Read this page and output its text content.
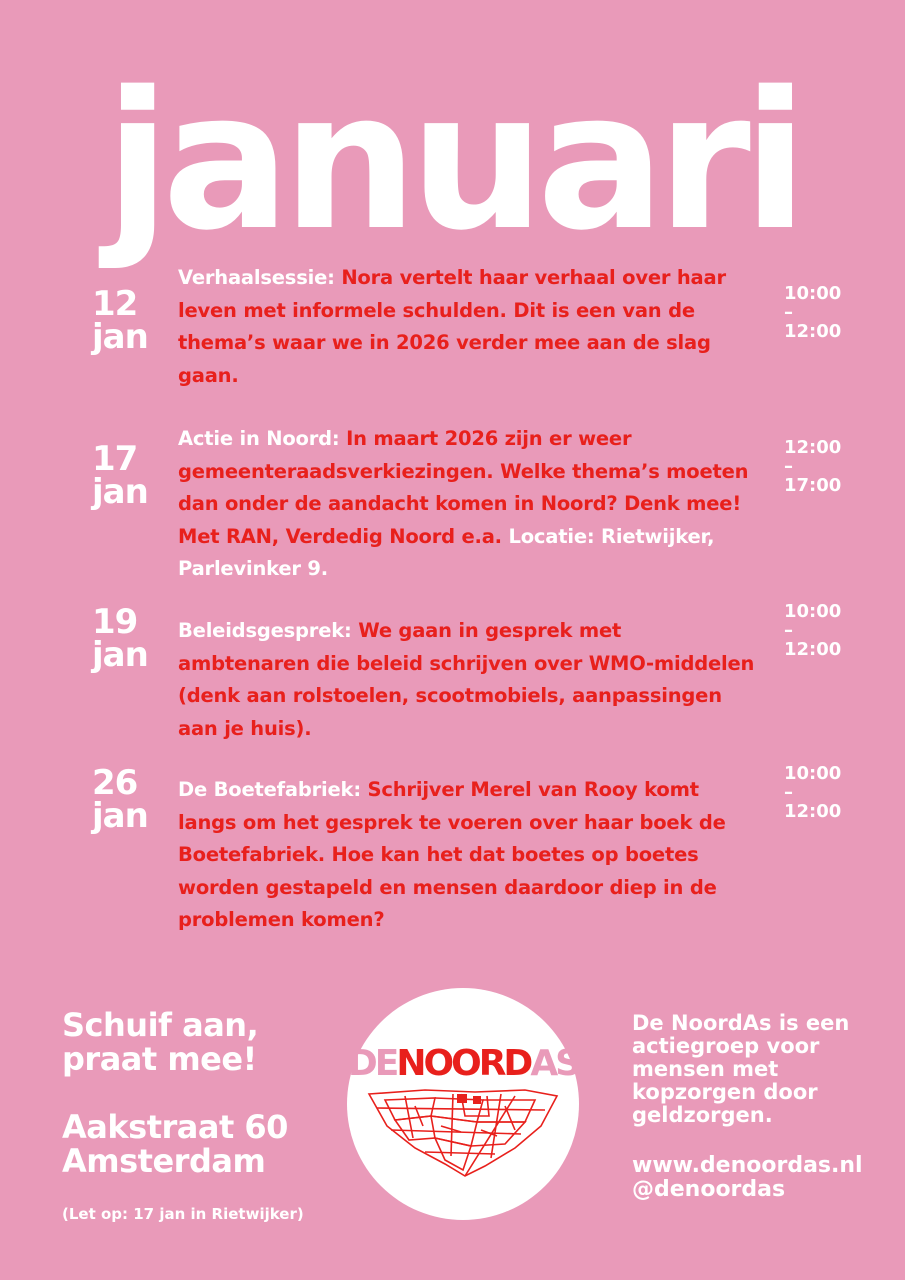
januari
12
jan
Verhaalsessie: Nora vertelt haar verhaal over haar leven met informele schulden. Dit is een van de thema’s waar we in 2026 verder mee aan de slag gaan.
10:00
–
12:00
17
jan
Actie in Noord: In maart 2026 zijn er weer gemeenteraadsverkiezingen. Welke thema’s moeten dan onder de aandacht komen in Noord? Denk mee! Met RAN, Verdedig Noord e.a. Locatie: Rietwijker, Parlevinker 9.
12:00
–
17:00
19
jan
Beleidsgesprek: We gaan in gesprek met ambtenaren die beleid schrijven over WMO-middelen (denk aan rolstoelen, scootmobiels, aanpassingen aan je huis).
10:00
–
12:00
26
jan
De Boetefabriek: Schrijver Merel van Rooy komt langs om het gesprek te voeren over haar boek de Boetefabriek. Hoe kan het dat boetes op boetes worden gestapeld en mensen daardoor diep in de problemen komen?
10:00
–
12:00
Schuif aan,
praat mee!
Aakstraat 60
Amsterdam
(Let op: 17 jan in Rietwijker)
DENOORDAS
De NoordAs is een actiegroep voor mensen met kopzorgen door geldzorgen.
www.denoordas.nl
@denoordas
